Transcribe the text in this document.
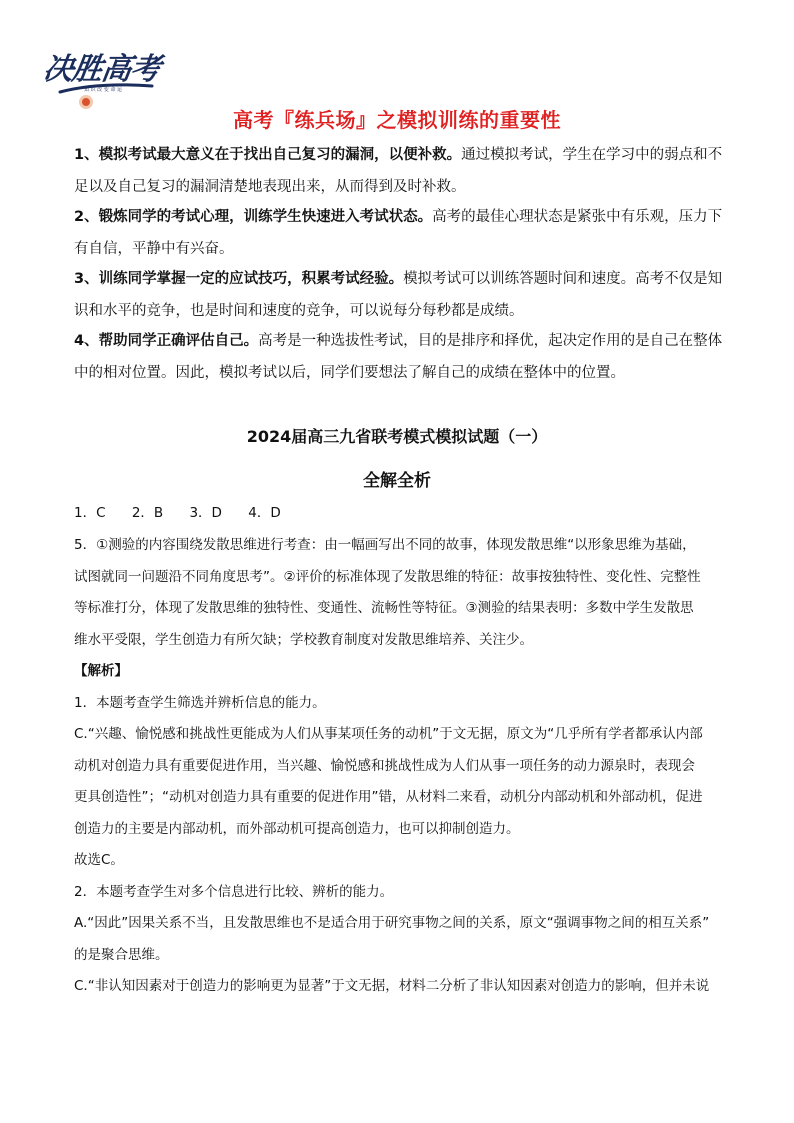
决胜高考
知 识 改 变 命 运
高考『练兵场』之模拟训练的重要性
1、模拟考试最大意义在于找出自己复习的漏洞，以便补救。通过模拟考试，学生在学习中的弱点和不
足以及自己复习的漏洞清楚地表现出来，从而得到及时补救。
2、锻炼同学的考试心理，训练学生快速进入考试状态。高考的最佳心理状态是紧张中有乐观，压力下
有自信，平静中有兴奋。
3、训练同学掌握一定的应试技巧，积累考试经验。模拟考试可以训练答题时间和速度。高考不仅是知
识和水平的竞争，也是时间和速度的竞争，可以说每分每秒都是成绩。
4、帮助同学正确评估自己。高考是一种选拔性考试，目的是排序和择优，起决定作用的是自己在整体
中的相对位置。因此，模拟考试以后，同学们要想法了解自己的成绩在整体中的位置。
2024届高三九省联考模式模拟试题（一）
全解全析
1．C 2．B 3．D 4．D
5．①测验的内容围绕发散思维进行考查：由一幅画写出不同的故事，体现发散思维“以形象思维为基础，
试图就同一问题沿不同角度思考”。②评价的标准体现了发散思维的特征：故事按独特性、变化性、完整性
等标准打分，体现了发散思维的独特性、变通性、流畅性等特征。③测验的结果表明：多数中学生发散思
维水平受限，学生创造力有所欠缺；学校教育制度对发散思维培养、关注少。
【解析】
1．本题考查学生筛选并辨析信息的能力。
C.“兴趣、愉悦感和挑战性更能成为人们从事某项任务的动机”于文无据，原文为“几乎所有学者都承认内部
动机对创造力具有重要促进作用，当兴趣、愉悦感和挑战性成为人们从事一项任务的动力源泉时，表现会
更具创造性”；“动机对创造力具有重要的促进作用”错，从材料二来看，动机分内部动机和外部动机，促进
创造力的主要是内部动机，而外部动机可提高创造力，也可以抑制创造力。
故选C。
2．本题考查学生对多个信息进行比较、辨析的能力。
A.“因此”因果关系不当，且发散思维也不是适合用于研究事物之间的关系，原文“强调事物之间的相互关系”
的是聚合思维。
C.“非认知因素对于创造力的影响更为显著”于文无据，材料二分析了非认知因素对创造力的影响，但并未说
